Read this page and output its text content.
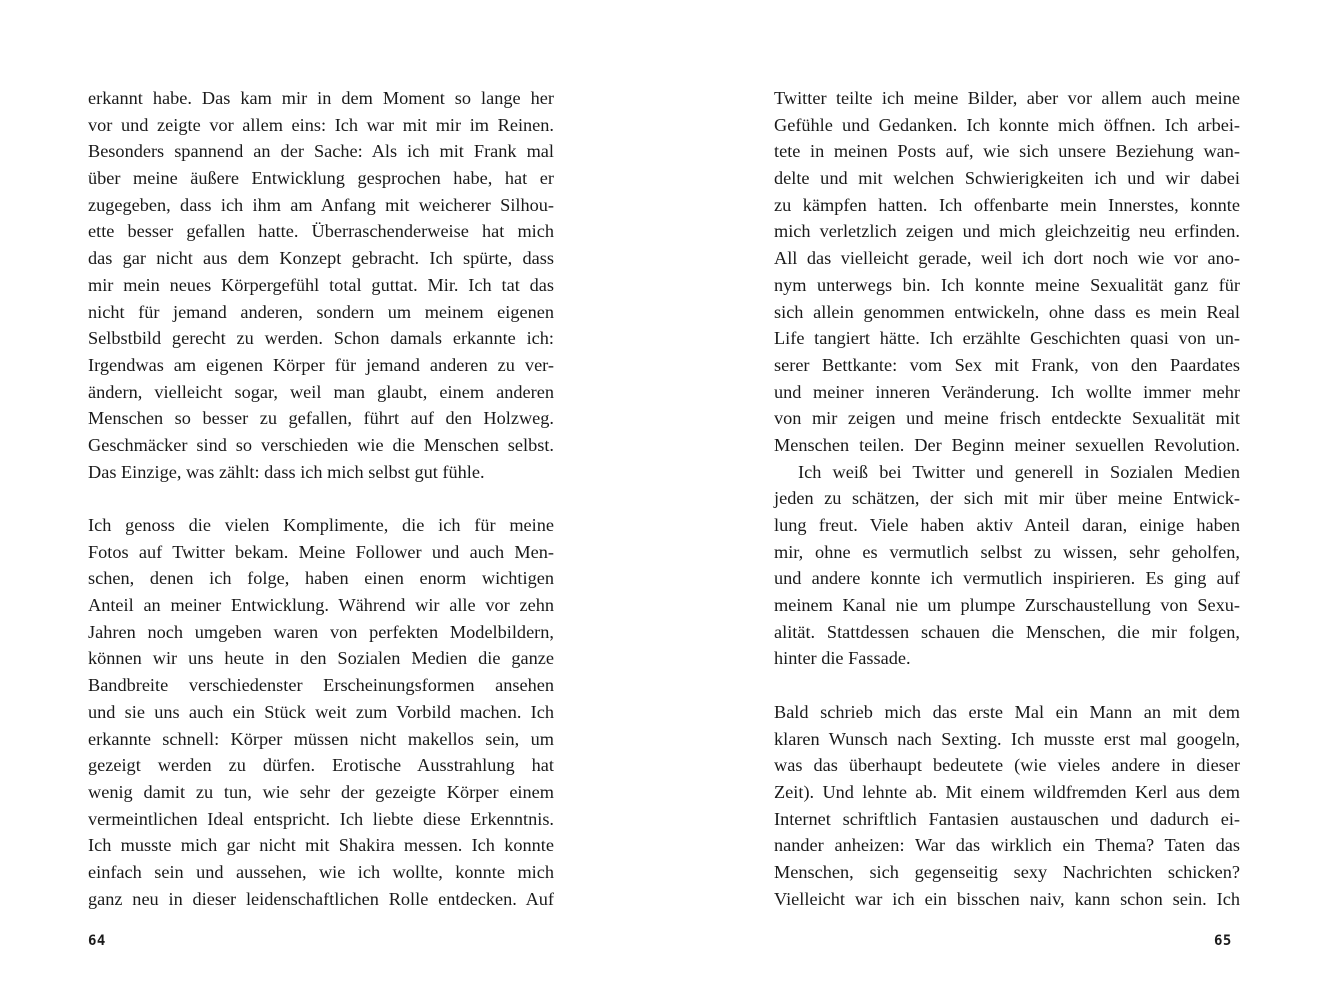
erkannt habe. Das kam mir in dem Moment so lange her
vor und zeigte vor allem eins: Ich war mit mir im Reinen.
Besonders spannend an der Sache: Als ich mit Frank mal
über meine äußere Entwicklung gesprochen habe, hat er
zugegeben, dass ich ihm am Anfang mit weicherer Silhou-
ette besser gefallen hatte. Überraschenderweise hat mich
das gar nicht aus dem Konzept gebracht. Ich spürte, dass
mir mein neues Körpergefühl total guttat. Mir. Ich tat das
nicht für jemand anderen, sondern um meinem eigenen
Selbstbild gerecht zu werden. Schon damals erkannte ich:
Irgendwas am eigenen Körper für jemand anderen zu ver-
ändern, vielleicht sogar, weil man glaubt, einem anderen
Menschen so besser zu gefallen, führt auf den Holzweg.
Geschmäcker sind so verschieden wie die Menschen selbst.
Das Einzige, was zählt: dass ich mich selbst gut fühle.
Ich genoss die vielen Komplimente, die ich für meine
Fotos auf Twitter bekam. Meine Follower und auch Men-
schen, denen ich folge, haben einen enorm wichtigen
Anteil an meiner Entwicklung. Während wir alle vor zehn
Jahren noch umgeben waren von perfekten Modelbildern,
können wir uns heute in den Sozialen Medien die ganze
Bandbreite verschiedenster Erscheinungsformen ansehen
und sie uns auch ein Stück weit zum Vorbild machen. Ich
erkannte schnell: Körper müssen nicht makellos sein, um
gezeigt werden zu dürfen. Erotische Ausstrahlung hat
wenig damit zu tun, wie sehr der gezeigte Körper einem
vermeintlichen Ideal entspricht. Ich liebte diese Erkenntnis.
Ich musste mich gar nicht mit Shakira messen. Ich konnte
einfach sein und aussehen, wie ich wollte, konnte mich
ganz neu in dieser leidenschaftlichen Rolle entdecken. Auf
64
Twitter teilte ich meine Bilder, aber vor allem auch meine
Gefühle und Gedanken. Ich konnte mich öffnen. Ich arbei-
tete in meinen Posts auf, wie sich unsere Beziehung wan-
delte und mit welchen Schwierigkeiten ich und wir dabei
zu kämpfen hatten. Ich offenbarte mein Innerstes, konnte
mich verletzlich zeigen und mich gleichzeitig neu erfinden.
All das vielleicht gerade, weil ich dort noch wie vor ano-
nym unterwegs bin. Ich konnte meine Sexualität ganz für
sich allein genommen entwickeln, ohne dass es mein Real
Life tangiert hätte. Ich erzählte Geschichten quasi von un-
serer Bettkante: vom Sex mit Frank, von den Paardates
und meiner inneren Veränderung. Ich wollte immer mehr
von mir zeigen und meine frisch entdeckte Sexualität mit
Menschen teilen. Der Beginn meiner sexuellen Revolution.
Ich weiß bei Twitter und generell in Sozialen Medien
jeden zu schätzen, der sich mit mir über meine Entwick-
lung freut. Viele haben aktiv Anteil daran, einige haben
mir, ohne es vermutlich selbst zu wissen, sehr geholfen,
und andere konnte ich vermutlich inspirieren. Es ging auf
meinem Kanal nie um plumpe Zurschaustellung von Sexu-
alität. Stattdessen schauen die Menschen, die mir folgen,
hinter die Fassade.
Bald schrieb mich das erste Mal ein Mann an mit dem
klaren Wunsch nach Sexting. Ich musste erst mal googeln,
was das überhaupt bedeutete (wie vieles andere in dieser
Zeit). Und lehnte ab. Mit einem wildfremden Kerl aus dem
Internet schriftlich Fantasien austauschen und dadurch ei-
nander anheizen: War das wirklich ein Thema? Taten das
Menschen, sich gegenseitig sexy Nachrichten schicken?
Vielleicht war ich ein bisschen naiv, kann schon sein. Ich
65
